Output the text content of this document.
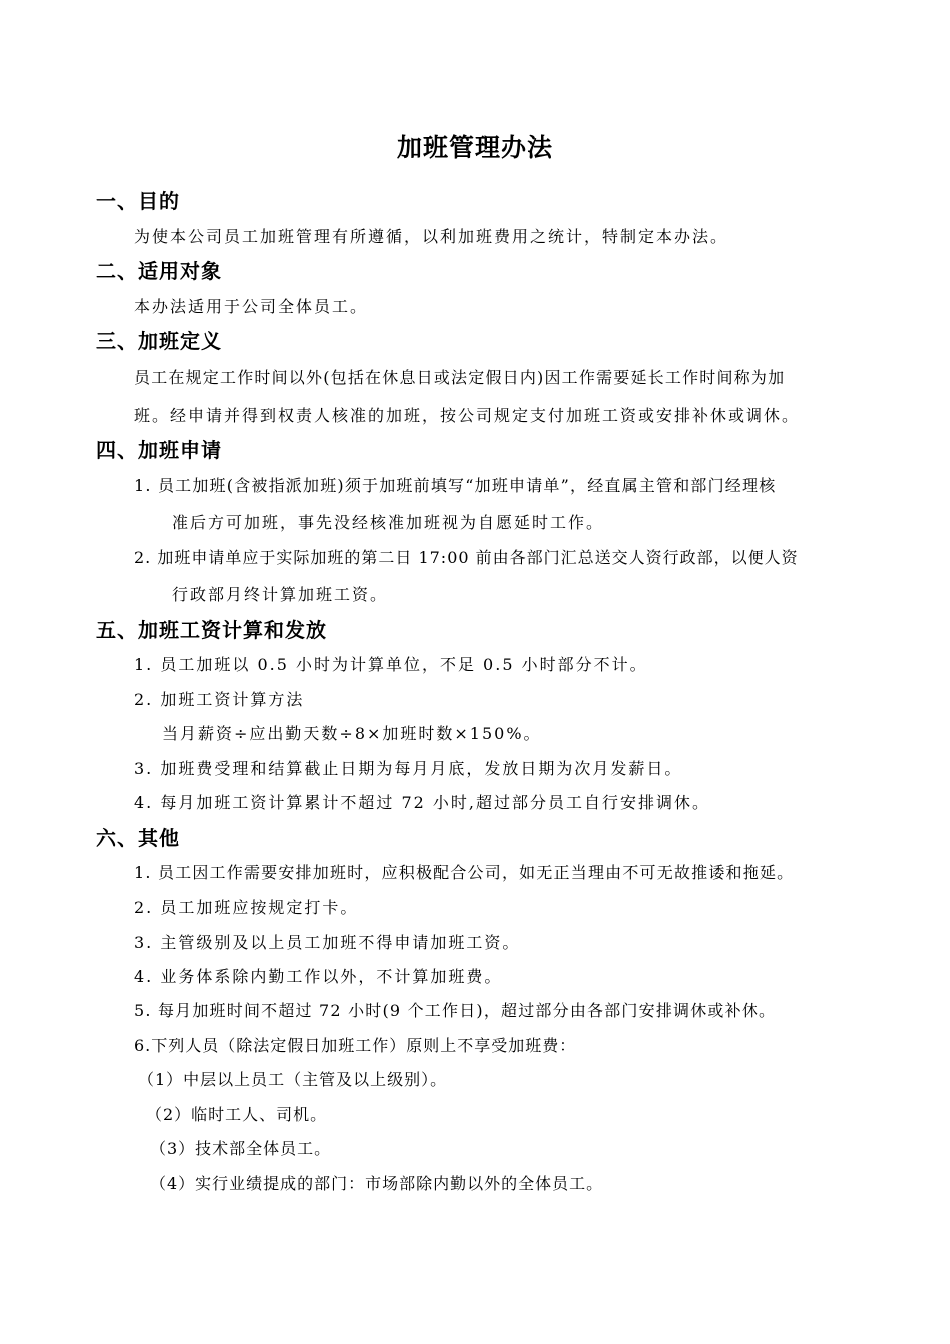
加班管理办法
一、目的
为使本公司员工加班管理有所遵循，以利加班费用之统计，特制定本办法。
二、适用对象
本办法适用于公司全体员工。
三、加班定义
员工在规定工作时间以外(包括在休息日或法定假日内)因工作需要延长工作时间称为加
班。经申请并得到权责人核准的加班，按公司规定支付加班工资或安排补休或调休。
四、加班申请
1. 员工加班(含被指派加班)须于加班前填写“加班申请单”，经直属主管和部门经理核
准后方可加班，事先没经核准加班视为自愿延时工作。
2. 加班申请单应于实际加班的第二日 17:00 前由各部门汇总送交人资行政部，以便人资
行政部月终计算加班工资。
五、加班工资计算和发放
1. 员工加班以 0.5 小时为计算单位，不足 0.5 小时部分不计。
2. 加班工资计算方法
当月薪资÷应出勤天数÷8×加班时数×150%。
3. 加班费受理和结算截止日期为每月月底，发放日期为次月发薪日。
4. 每月加班工资计算累计不超过 72 小时,超过部分员工自行安排调休。
六、其他
1. 员工因工作需要安排加班时，应积极配合公司，如无正当理由不可无故推诿和拖延。
2. 员工加班应按规定打卡。
3. 主管级别及以上员工加班不得申请加班工资。
4. 业务体系除内勤工作以外，不计算加班费。
5. 每月加班时间不超过 72 小时(9 个工作日)，超过部分由各部门安排调休或补休。
6.下列人员（除法定假日加班工作）原则上不享受加班费：
（1）中层以上员工（主管及以上级别）。
（2）临时工人、司机。
（3）技术部全体员工。
（4）实行业绩提成的部门：市场部除内勤以外的全体员工。
